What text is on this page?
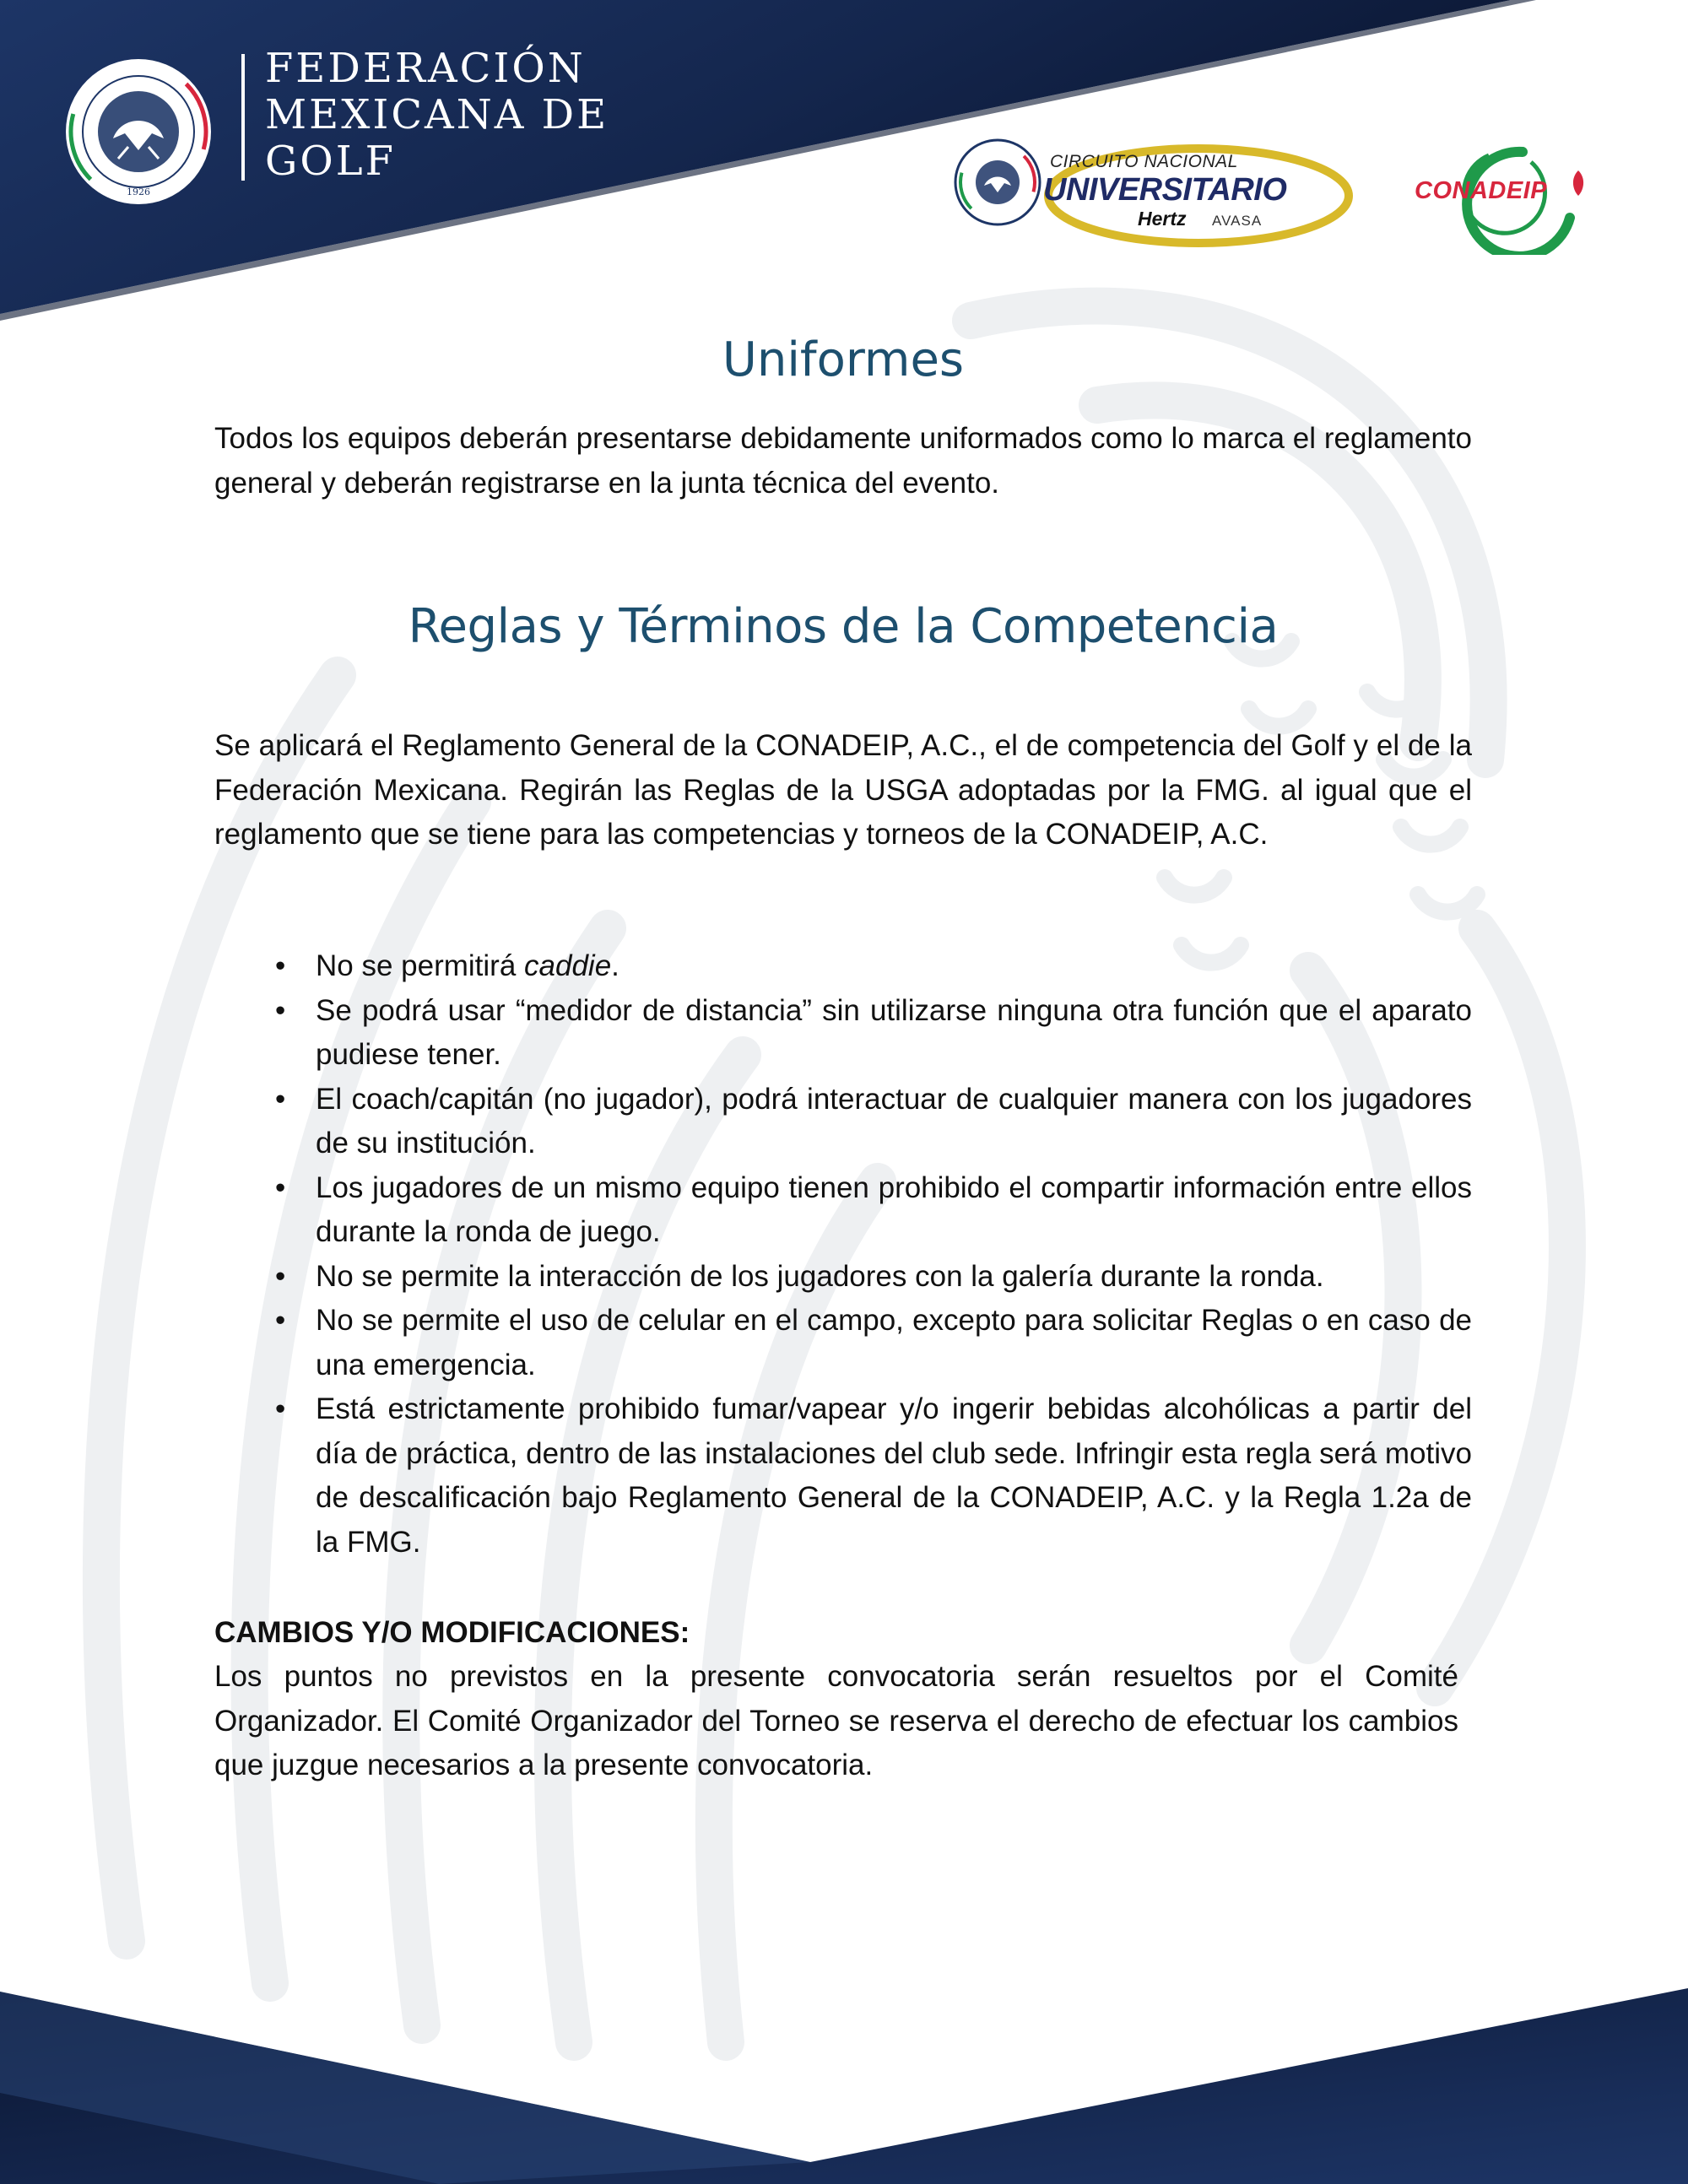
1926
FEDERACIÓN
MEXICANA DE
GOLF	CIRCUITO NACIONAL
UNIVERSITARIO
Hertz AVASA
CONADEIP
Uniformes

Todos los equipos deberán presentarse debidamente uniformados como lo marca el reglamento general y deberán registrarse en la junta técnica del evento.

Reglas y Términos de la Competencia

Se aplicará el Reglamento General de la CONADEIP, A.C., el de competencia del Golf y el de la Federación Mexicana. Regirán las Reglas de la USGA adoptadas por la FMG. al igual que el reglamento que se tiene para las competencias y torneos de la CONADEIP, A.C.

• No se permitirá caddie.
• Se podrá usar “medidor de distancia” sin utilizarse ninguna otra función que el aparato pudiese tener.
• El coach/capitán (no jugador), podrá interactuar de cualquier manera con los jugadores de su institución.
• Los jugadores de un mismo equipo tienen prohibido el compartir información entre ellos durante la ronda de juego.
• No se permite la interacción de los jugadores con la galería durante la ronda.
• No se permite el uso de celular en el campo, excepto para solicitar Reglas o en caso de una emergencia.
• Está estrictamente prohibido fumar/vapear y/o ingerir bebidas alcohólicas a partir del día de práctica, dentro de las instalaciones del club sede. Infringir esta regla será motivo de descalificación bajo Reglamento General de la CONADEIP, A.C. y la Regla 1.2a de la FMG.

CAMBIOS Y/O MODIFICACIONES:

Los puntos no previstos en la presente convocatoria serán resueltos por el Comité Organizador. El Comité Organizador del Torneo se reserva el derecho de efectuar los cambios que juzgue necesarios a la presente convocatoria.
